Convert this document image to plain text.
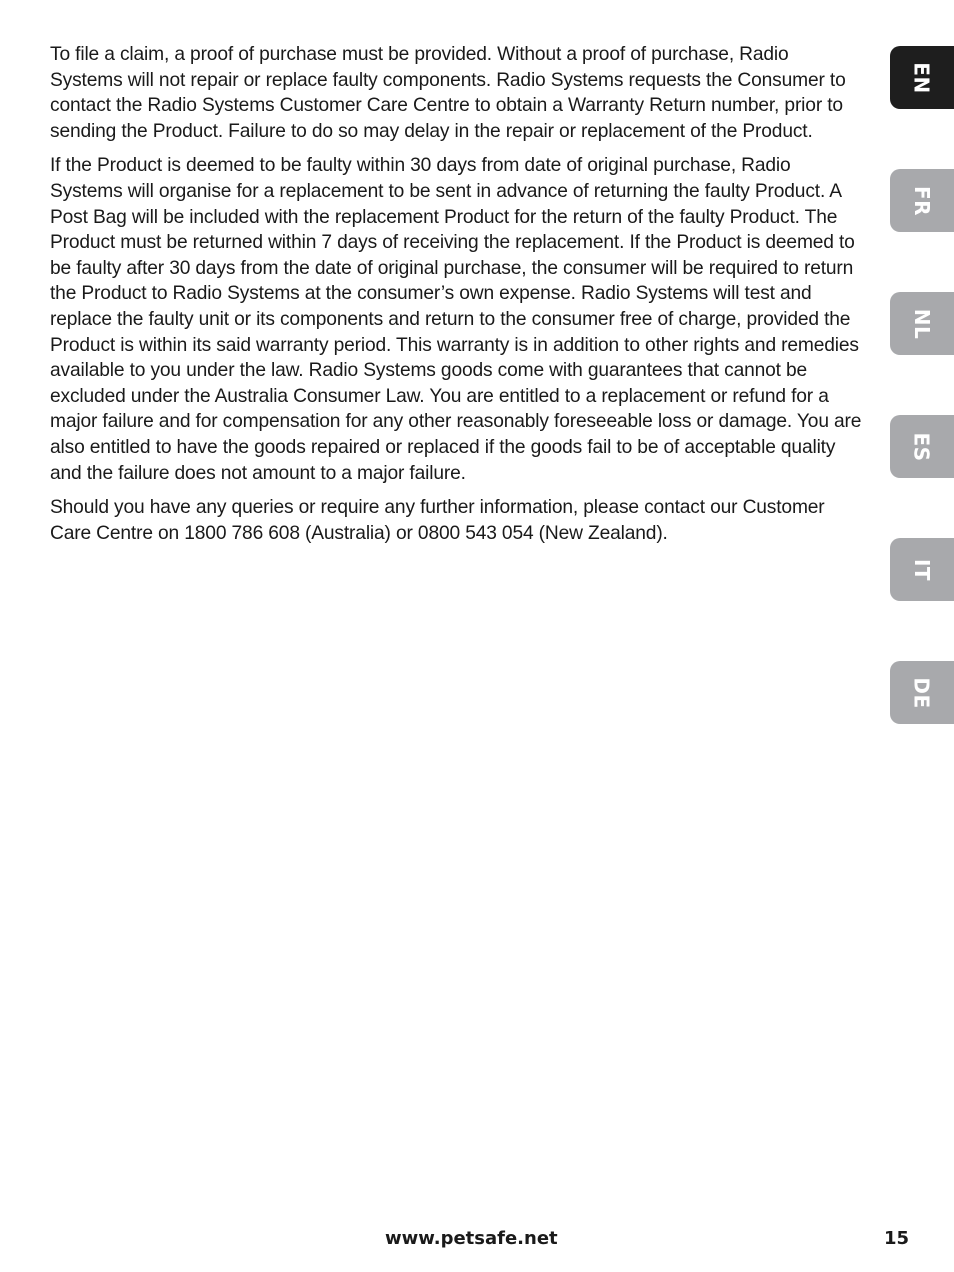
To file a claim, a proof of purchase must be provided. Without a proof of purchase, Radio Systems will not repair or replace faulty components. Radio Systems requests the Consumer to contact the Radio Systems Customer Care Centre to obtain a Warranty Return number, prior to sending the Product. Failure to do so may delay in the repair or replacement of the Product.

If the Product is deemed to be faulty within 30 days from date of original purchase, Radio Systems will organise for a replacement to be sent in advance of returning the faulty Product. A Post Bag will be included with the replacement Product for the return of the faulty Product. The Product must be returned within 7 days of receiving the replacement. If the Product is deemed to be faulty after 30 days from the date of original purchase, the consumer will be required to return the Product to Radio Systems at the consumer’s own expense. Radio Systems will test and replace the faulty unit or its components and return to the consumer free of charge, provided the Product is within its said warranty period. This warranty is in addition to other rights and remedies available to you under the law. Radio Systems goods come with guarantees that cannot be excluded under the Australia Consumer Law. You are entitled to a replacement or refund for a major failure and for compensation for any other reasonably foreseeable loss or damage. You are also entitled to have the goods repaired or replaced if the goods fail to be of acceptable quality and the failure does not amount to a major failure.

Should you have any queries or require any further information, please contact our Customer Care Centre on 1800 786 608 (Australia) or 0800 543 054 (New Zealand).

EN
FR
NL
ES
IT
DE
www.petsafe.net	15
